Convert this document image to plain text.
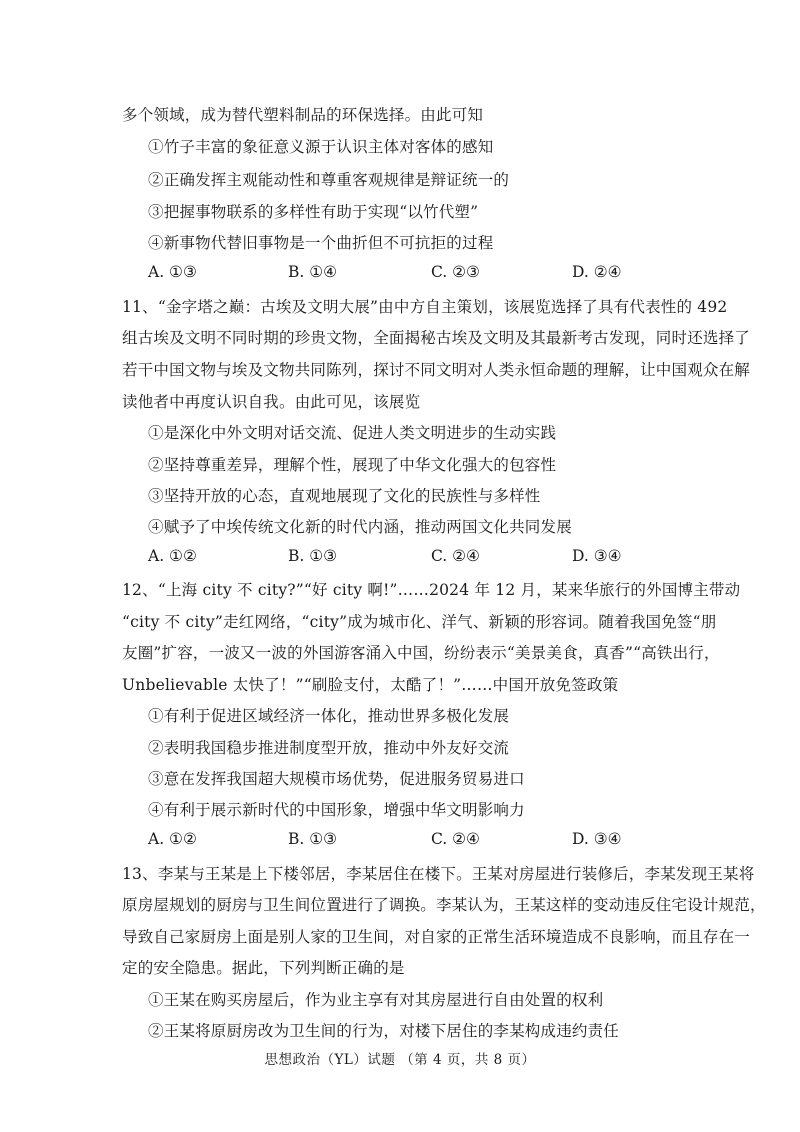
多个领域，成为替代塑料制品的环保选择。由此可知
①竹子丰富的象征意义源于认识主体对客体的感知
②正确发挥主观能动性和尊重客观规律是辩证统一的
③把握事物联系的多样性有助于实现“以竹代塑”
④新事物代替旧事物是一个曲折但不可抗拒的过程
A. ①③	B. ①④	C. ②③	D. ②④
11、“金字塔之巅：古埃及文明大展”由中方自主策划，该展览选择了具有代表性的 492
组古埃及文明不同时期的珍贵文物，全面揭秘古埃及文明及其最新考古发现，同时还选择了
若干中国文物与埃及文物共同陈列，探讨不同文明对人类永恒命题的理解，让中国观众在解
读他者中再度认识自我。由此可见，该展览
①是深化中外文明对话交流、促进人类文明进步的生动实践
②坚持尊重差异，理解个性，展现了中华文化强大的包容性
③坚持开放的心态，直观地展现了文化的民族性与多样性
④赋予了中埃传统文化新的时代内涵，推动两国文化共同发展
A. ①②	B. ①③	C. ②④	D. ③④
12、“上海 city 不 city?”“好 city 啊!”……2024 年 12 月，某来华旅行的外国博主带动
“city 不 city”走红网络，“city”成为城市化、洋气、新颖的形容词。随着我国免签“朋
友圈”扩容，一波又一波的外国游客涌入中国，纷纷表示“美景美食，真香”“高铁出行，
Unbelievable 太快了！”“刷脸支付，太酷了！”……中国开放免签政策
①有利于促进区域经济一体化，推动世界多极化发展
②表明我国稳步推进制度型开放，推动中外友好交流
③意在发挥我国超大规模市场优势，促进服务贸易进口
④有利于展示新时代的中国形象，增强中华文明影响力
A. ①②	B. ①③	C. ②④	D. ③④
13、李某与王某是上下楼邻居，李某居住在楼下。王某对房屋进行装修后，李某发现王某将
原房屋规划的厨房与卫生间位置进行了调换。李某认为，王某这样的变动违反住宅设计规范，
导致自己家厨房上面是别人家的卫生间，对自家的正常生活环境造成不良影响，而且存在一
定的安全隐患。据此，下列判断正确的是
①王某在购买房屋后，作为业主享有对其房屋进行自由处置的权利
②王某将原厨房改为卫生间的行为，对楼下居住的李某构成违约责任
思想政治（YL）试题 （第 4 页，共 8 页）
